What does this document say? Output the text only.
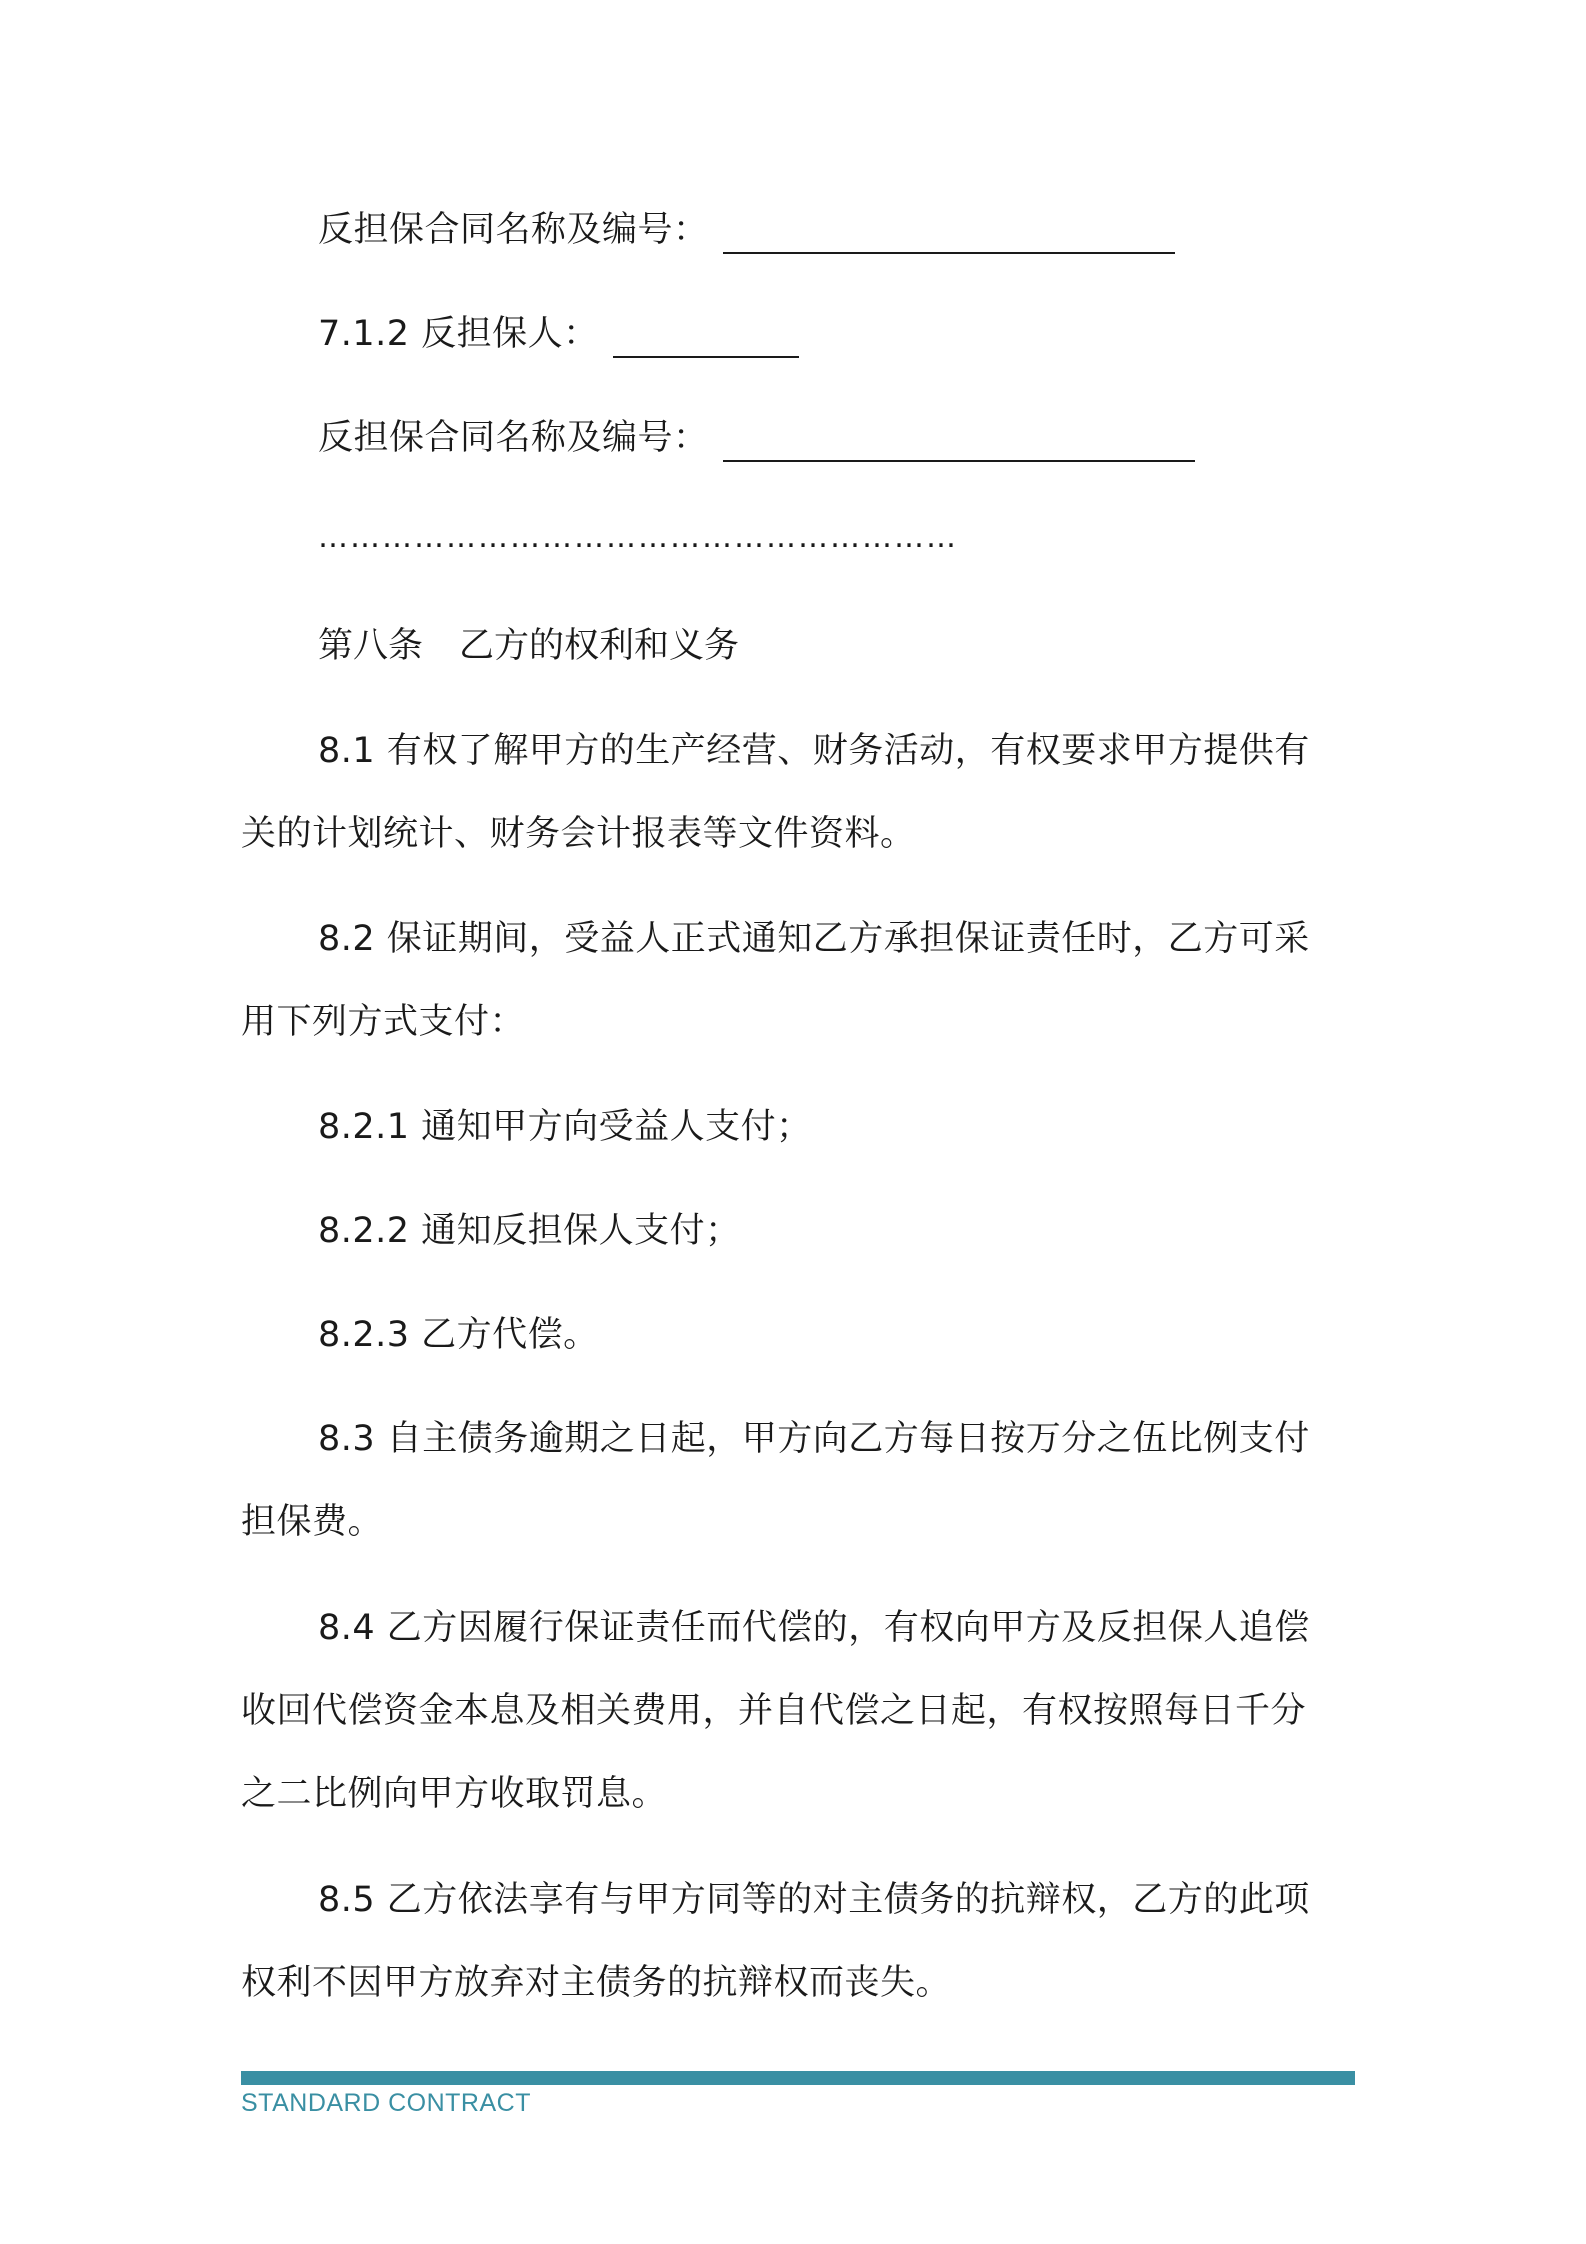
反担保合同名称及编号：
7.1.2 反担保人：
反担保合同名称及编号：
……………………………………………………
第八条 乙方的权利和义务
8.1 有权了解甲方的生产经营、财务活动，有权要求甲方提供有
关的计划统计、财务会计报表等文件资料。
8.2 保证期间，受益人正式通知乙方承担保证责任时，乙方可采
用下列方式支付：
8.2.1 通知甲方向受益人支付；
8.2.2 通知反担保人支付；
8.2.3 乙方代偿。
8.3 自主债务逾期之日起，甲方向乙方每日按万分之伍比例支付
担保费。
8.4 乙方因履行保证责任而代偿的，有权向甲方及反担保人追偿
收回代偿资金本息及相关费用，并自代偿之日起，有权按照每日千分
之二比例向甲方收取罚息。
8.5 乙方依法享有与甲方同等的对主债务的抗辩权，乙方的此项
权利不因甲方放弃对主债务的抗辩权而丧失。
STANDARD CONTRACT
